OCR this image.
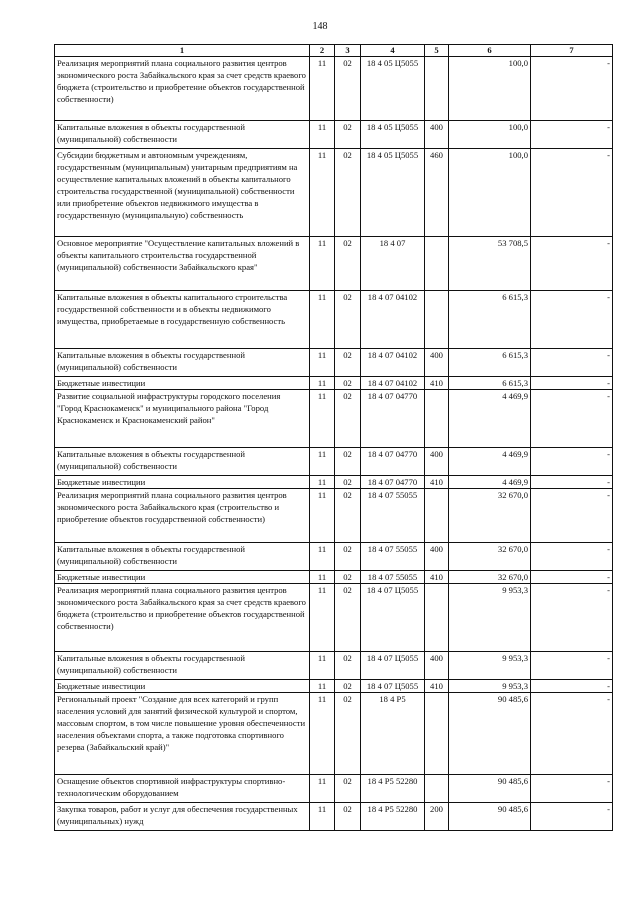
148
1	2	3	4	5	6	7
Реализация мероприятий плана социального развития центров экономического роста Забайкальского края за счет средств краевого бюджета (строительство и приобретение объектов государственной собственности)	11	02	18 4 05 Ц5055		100,0	-
Капитальные вложения в объекты государственной (муниципальной) собственности	11	02	18 4 05 Ц5055	400	100,0	-
Субсидии бюджетным и автономным учреждениям, государственным (муниципальным) унитарным предприятиям на осуществление капитальных вложений в объекты капитального строительства государственной (муниципальной) собственности или приобретение объектов недвижимого имущества в государственную (муниципальную) собственность	11	02	18 4 05 Ц5055	460	100,0	-
Основное мероприятие "Осуществление капитальных вложений в объекты капитального строительства государственной (муниципальной) собственности Забайкальского края"	11	02	18 4 07		53 708,5	-
Капитальные вложения в объекты капитального строительства государственной собственности и в объекты недвижимого имущества, приобретаемые в государственную собственность	11	02	18 4 07 04102		6 615,3	-
Капитальные вложения в объекты государственной (муниципальной) собственности	11	02	18 4 07 04102	400	6 615,3	-
Бюджетные инвестиции	11	02	18 4 07 04102	410	6 615,3	-
Развитие социальной инфраструктуры городского поселения "Город Краснокаменск" и муниципального района "Город Краснокаменск и Краснокаменский район"	11	02	18 4 07 04770		4 469,9	-
Капитальные вложения в объекты государственной (муниципальной) собственности	11	02	18 4 07 04770	400	4 469,9	-
Бюджетные инвестиции	11	02	18 4 07 04770	410	4 469,9	-
Реализация мероприятий плана социального развития центров экономического роста Забайкальского края (строительство и приобретение объектов государственной собственности)	11	02	18 4 07 55055		32 670,0	-
Капитальные вложения в объекты государственной (муниципальной) собственности	11	02	18 4 07 55055	400	32 670,0	-
Бюджетные инвестиции	11	02	18 4 07 55055	410	32 670,0	-
Реализация мероприятий плана социального развития центров экономического роста Забайкальского края за счет средств краевого бюджета (строительство и приобретение объектов государственной собственности)	11	02	18 4 07 Ц5055		9 953,3	-
Капитальные вложения в объекты государственной (муниципальной) собственности	11	02	18 4 07 Ц5055	400	9 953,3	-
Бюджетные инвестиции	11	02	18 4 07 Ц5055	410	9 953,3	-
Региональный проект "Создание для всех категорий и групп населения условий для занятий физической культурой и спортом, массовым спортом, в том числе повышение уровня обеспеченности населения объектами спорта, а также подготовка спортивного резерва (Забайкальский край)"	11	02	18 4 P5		90 485,6	-
Оснащение объектов спортивной инфраструктуры спортивно-технологическим оборудованием	11	02	18 4 P5 52280		90 485,6	-
Закупка товаров, работ и услуг для обеспечения государственных (муниципальных) нужд	11	02	18 4 P5 52280	200	90 485,6	-
